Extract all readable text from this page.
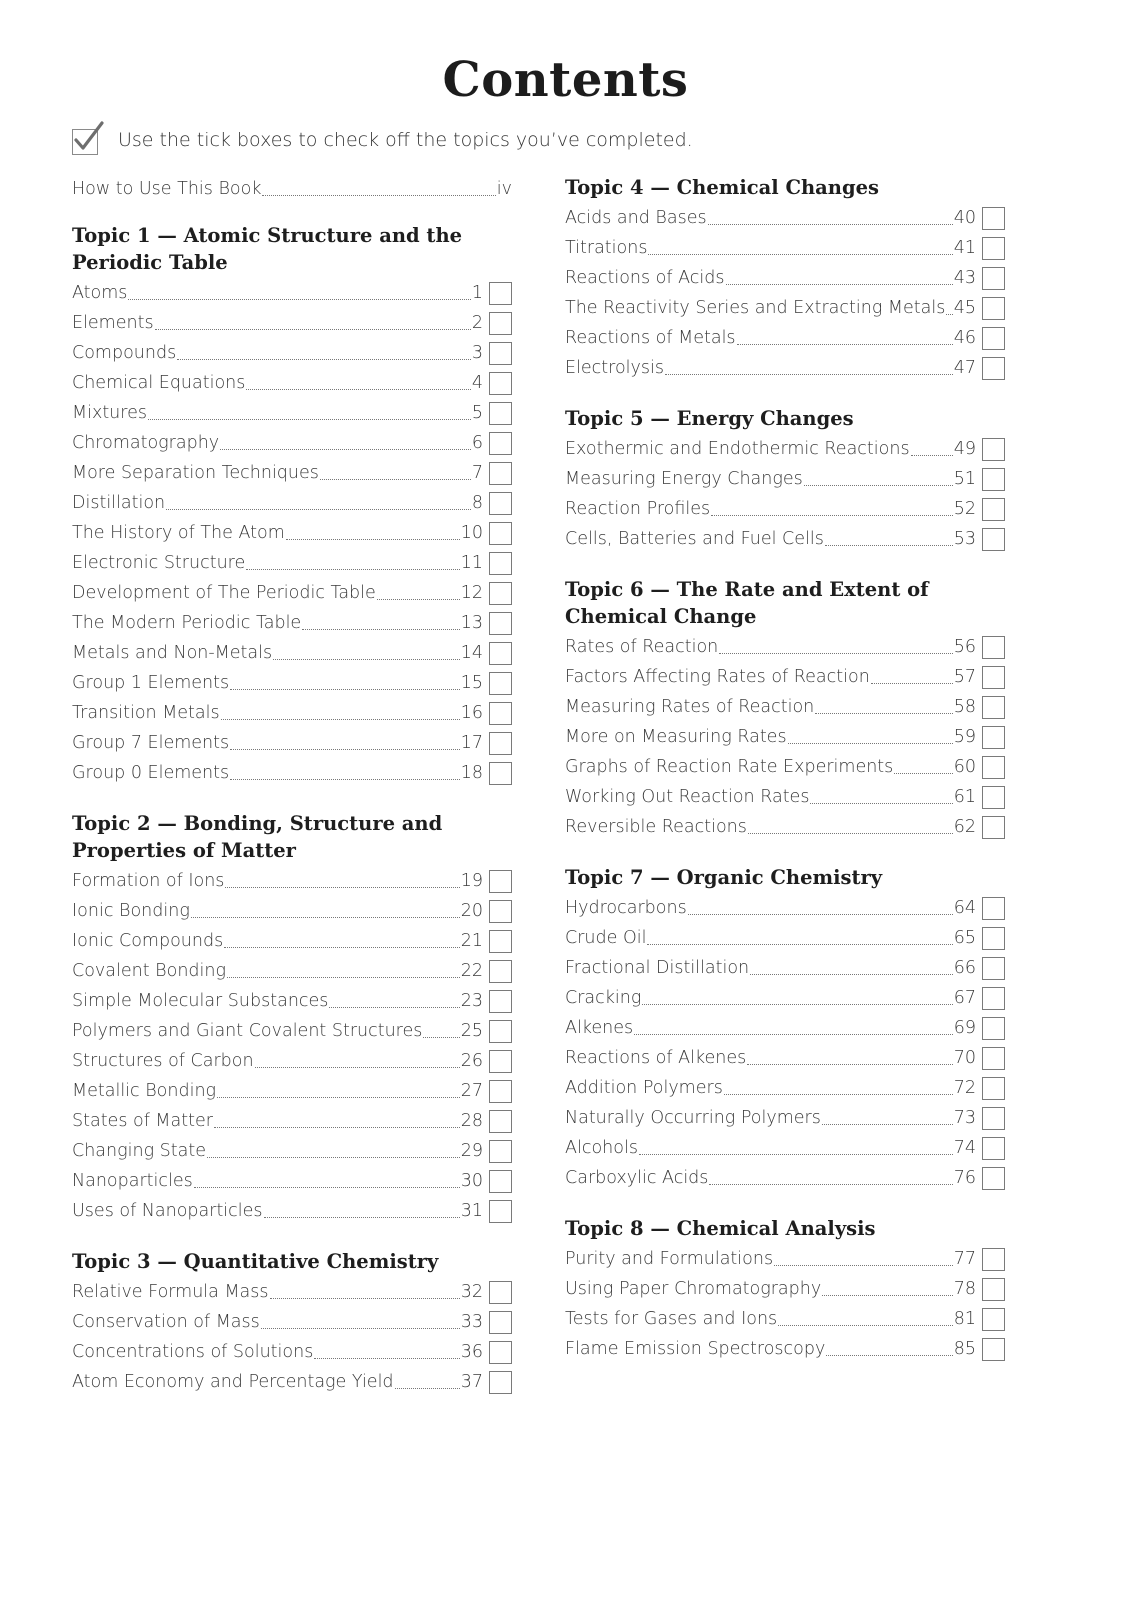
Contents
Use the tick boxes to check off the topics you’ve completed.
How to Use This Book	iv
Topic 1 — Atomic Structure and the Periodic Table
Atoms	1
Elements	2
Compounds	3
Chemical Equations	4
Mixtures	5
Chromatography	6
More Separation Techniques	7
Distillation	8
The History of The Atom	10
Electronic Structure	11
Development of The Periodic Table	12
The Modern Periodic Table	13
Metals and Non-Metals	14
Group 1 Elements	15
Transition Metals	16
Group 7 Elements	17
Group 0 Elements	18
Topic 2 — Bonding, Structure and Properties of Matter
Formation of Ions	19
Ionic Bonding	20
Ionic Compounds	21
Covalent Bonding	22
Simple Molecular Substances	23
Polymers and Giant Covalent Structures 25
Structures of Carbon	26
Metallic Bonding	27
States of Matter	28
Changing State	29
Nanoparticles	30
Uses of Nanoparticles	31
Topic 3 — Quantitative Chemistry
Relative Formula Mass	32
Conservation of Mass	33
Concentrations of Solutions	36
Atom Economy and Percentage Yield	37
Topic 4 — Chemical Changes
Acids and Bases	40
Titrations	41
Reactions of Acids	43
The Reactivity Series and Extracting Metals 45
Reactions of Metals	46
Electrolysis	47
Topic 5 — Energy Changes
Exothermic and Endothermic Reactions	49
Measuring Energy Changes	51
Reaction Profiles	52
Cells, Batteries and Fuel Cells	53
Topic 6 — The Rate and Extent of Chemical Change
Rates of Reaction	56
Factors Affecting Rates of Reaction	57
Measuring Rates of Reaction	58
More on Measuring Rates	59
Graphs of Reaction Rate Experiments	60
Working Out Reaction Rates	61
Reversible Reactions	62
Topic 7 — Organic Chemistry
Hydrocarbons	64
Crude Oil	65
Fractional Distillation	66
Cracking	67
Alkenes	69
Reactions of Alkenes	70
Addition Polymers	72
Naturally Occurring Polymers	73
Alcohols	74
Carboxylic Acids	76
Topic 8 — Chemical Analysis
Purity and Formulations	77
Using Paper Chromatography	78
Tests for Gases and Ions	81
Flame Emission Spectroscopy	85
